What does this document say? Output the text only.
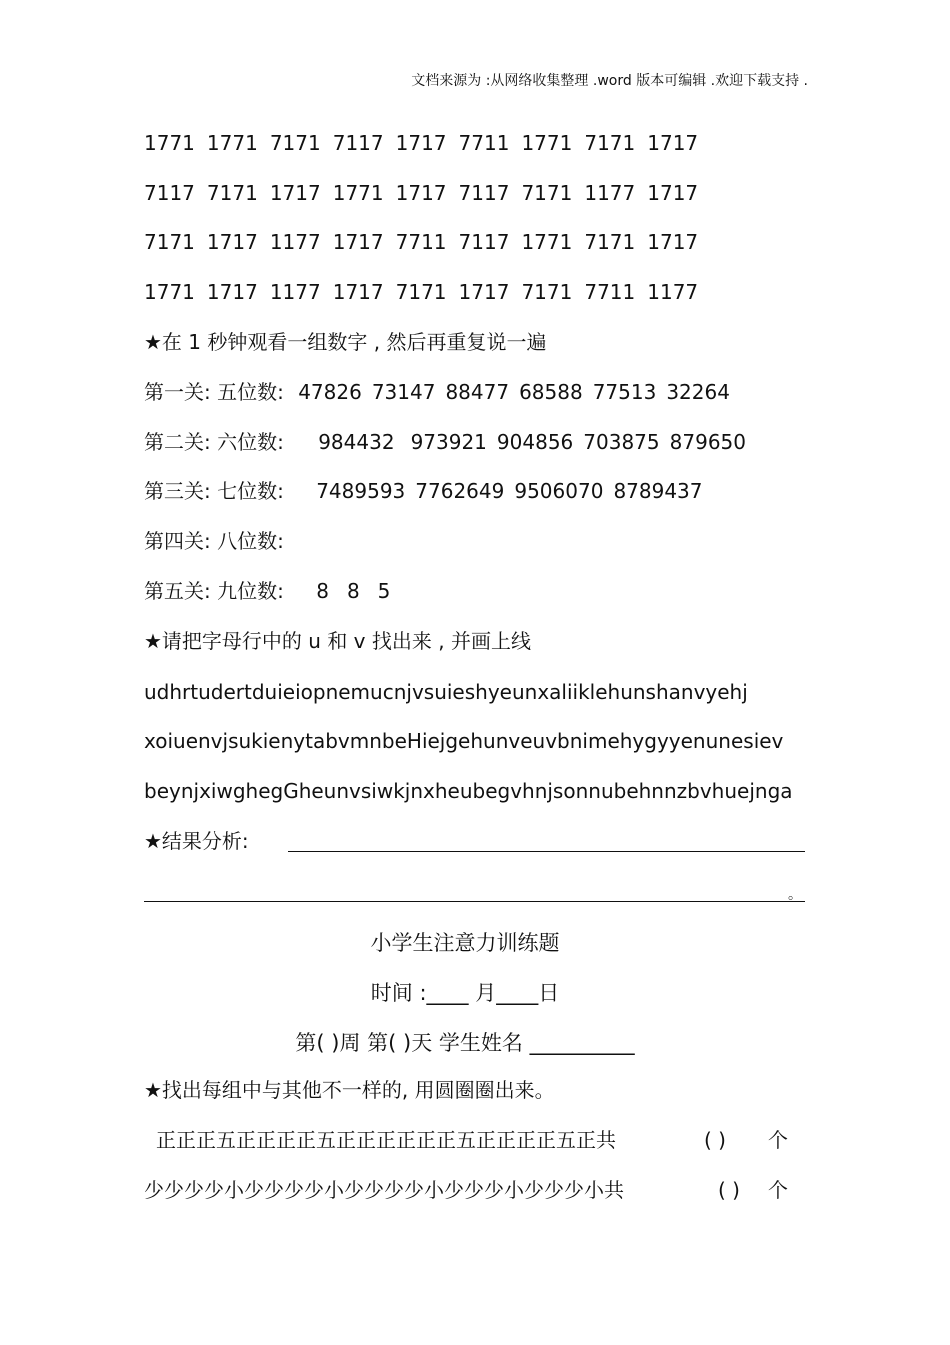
文档来源为 :从网络收集整理 .word 版本可编辑 .欢迎下载支持 .
1771 1771 7171 7117 1717 7711 1771 7171 1717
7117 7171 1717 1771 1717 7117 7171 1177 1717
7171 1717 1177 1717 7711 7117 1771 7171 1717
1771 1717 1177 1717 7171 1717 7171 7711 1177
★在 1 秒钟观看一组数字 , 然后再重复说一遍
第一关: 五位数: 47826 73147 88477 68588 77513 32264
第二关: 六位数: 984432 973921 904856 703875 879650
第三关: 七位数: 7489593 7762649 9506070 8789437
第四关: 八位数:
第五关: 九位数: 8 8 5
★请把字母行中的 u 和 v 找出来 , 并画上线
udhrtudertduieiopnemucnjvsuieshyeunxaliiklehunshanvyehj
xoiuenvjsukienytabvmnbeHiejgehunveuvbnimehygyyenunesiev
beynjxiwghegGheunvsiwkjnxheubegvhnjsonnubehnnzbvhuejnga
★结果分析:
。
小学生注意力训练题
时间 :____ 月____日
第( )周 第( )天 学生姓名 __________
★找出每组中与其他不一样的, 用圆圈圈出来。
正正正五正正正正五正正正正正正五正正正正五正共	( ) 个
少少少少小少少少少小少少少少小少少少小少少少小共	( ) 个
